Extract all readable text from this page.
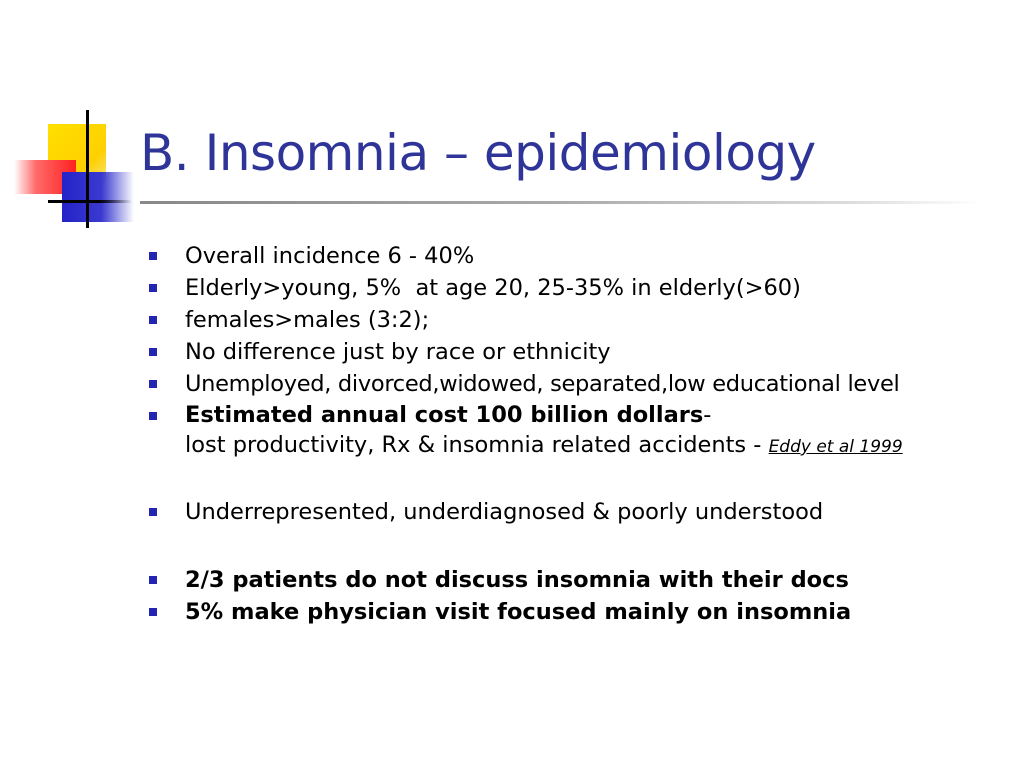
B. Insomnia – epidemiology
Overall incidence 6 - 40%
Elderly>young, 5%  at age 20, 25-35% in elderly(>60)
females>males (3:2);
No difference just by race or ethnicity
Unemployed, divorced,widowed, separated,low educational level
Estimated annual cost 100 billion dollars-
lost productivity, Rx & insomnia related accidents - Eddy et al 1999
Underrepresented, underdiagnosed & poorly understood
2/3 patients do not discuss insomnia with their docs
5% make physician visit focused mainly on insomnia
